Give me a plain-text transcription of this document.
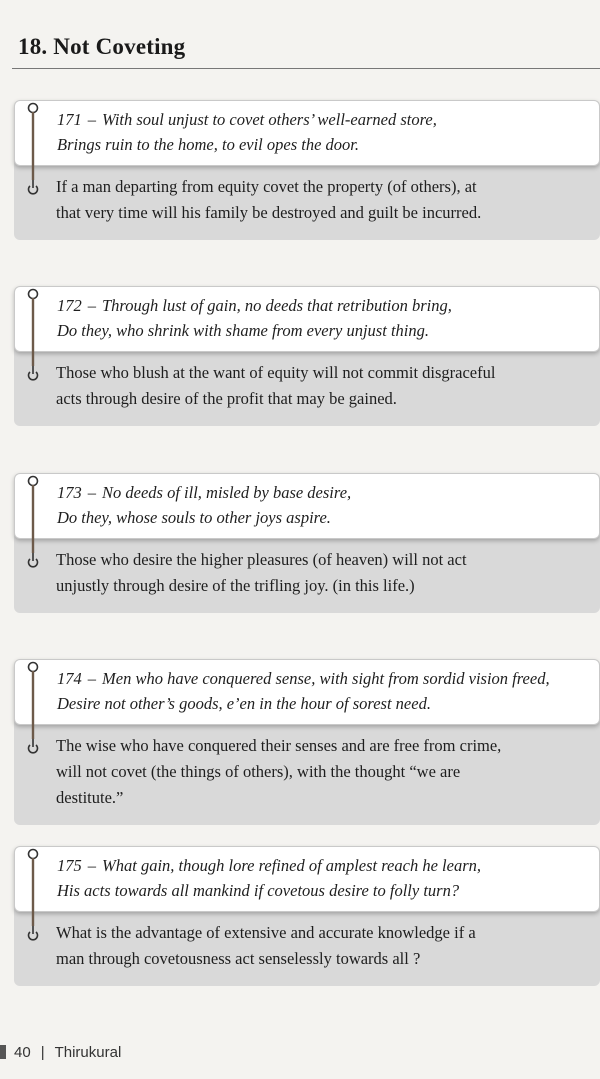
18. Not Coveting
171 – With soul unjust to covet others’ well-earned store,
Brings ruin to the home, to evil opes the door.
If a man departing from equity covet the property (of others), at
that very time will his family be destroyed and guilt be incurred.
172 – Through lust of gain, no deeds that retribution bring,
Do they, who shrink with shame from every unjust thing.
Those who blush at the want of equity will not commit disgraceful
acts through desire of the profit that may be gained.
173 – No deeds of ill, misled by base desire,
Do they, whose souls to other joys aspire.
Those who desire the higher pleasures (of heaven) will not act
unjustly through desire of the trifling joy. (in this life.)
174 – Men who have conquered sense, with sight from sordid vision freed,
Desire not other’s goods, e’en in the hour of sorest need.
The wise who have conquered their senses and are free from crime,
will not covet (the things of others), with the thought “we are
destitute.”
175 – What gain, though lore refined of amplest reach he learn,
His acts towards all mankind if covetous desire to folly turn?
What is the advantage of extensive and accurate knowledge if a
man through covetousness act senselessly towards all ?
40 | Thirukural
